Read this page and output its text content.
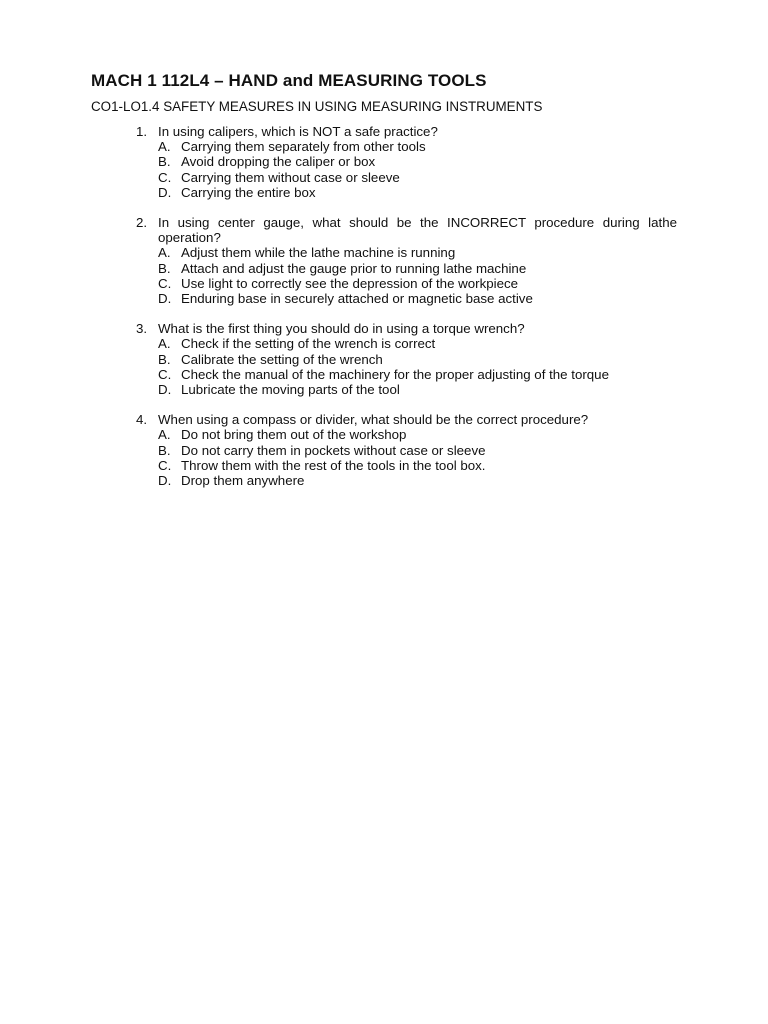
MACH 1 112L4 – HAND and MEASURING TOOLS
CO1-LO1.4 SAFETY MEASURES IN USING MEASURING INSTRUMENTS
1. In using calipers, which is NOT a safe practice?
A. Carrying them separately from other tools
B. Avoid dropping the caliper or box
C. Carrying them without case or sleeve
D. Carrying the entire box
2. In using center gauge, what should be the INCORRECT procedure during lathe operation?
A. Adjust them while the lathe machine is running
B. Attach and adjust the gauge prior to running lathe machine
C. Use light to correctly see the depression of the workpiece
D. Enduring base in securely attached or magnetic base active
3. What is the first thing you should do in using a torque wrench?
A. Check if the setting of the wrench is correct
B. Calibrate the setting of the wrench
C. Check the manual of the machinery for the proper adjusting of the torque
D. Lubricate the moving parts of the tool
4. When using a compass or divider, what should be the correct procedure?
A. Do not bring them out of the workshop
B. Do not carry them in pockets without case or sleeve
C. Throw them with the rest of the tools in the tool box.
D. Drop them anywhere
